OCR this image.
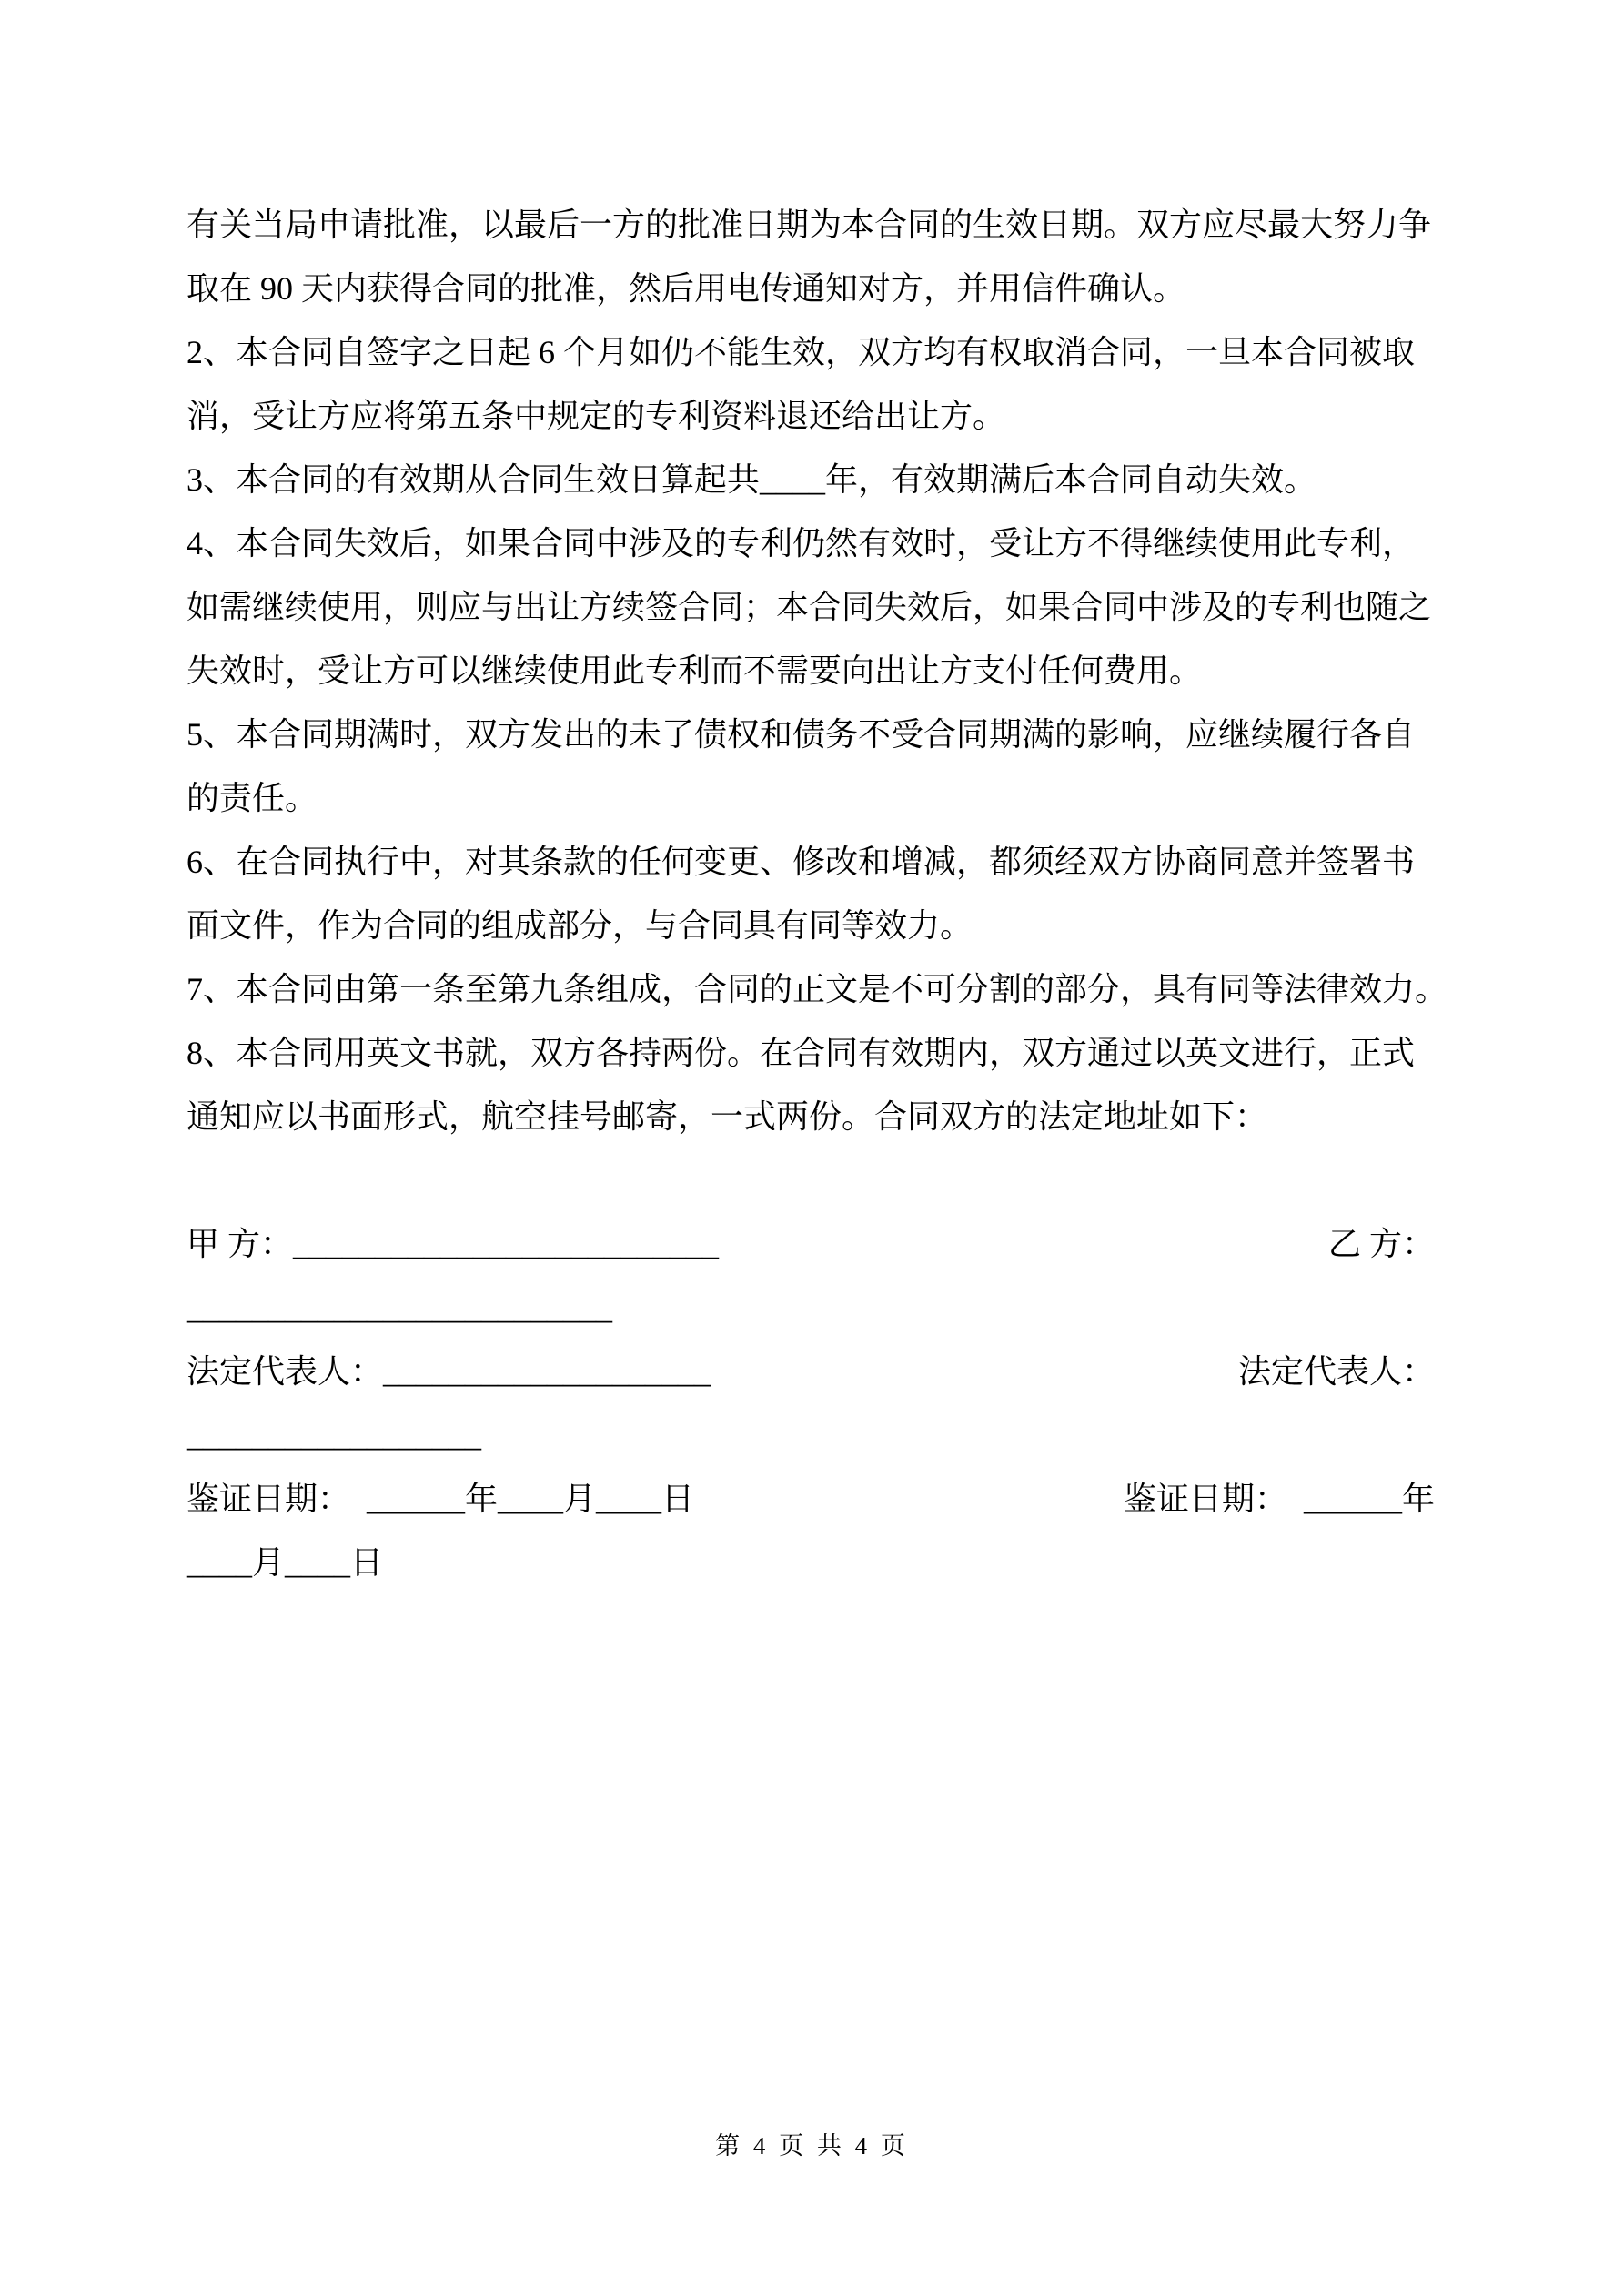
有关当局申请批准，以最后一方的批准日期为本合同的生效日期。双方应尽最大努力争
取在 90 天内获得合同的批准，然后用电传通知对方，并用信件确认。
2、本合同自签字之日起 6 个月如仍不能生效，双方均有权取消合同，一旦本合同被取
消，受让方应将第五条中规定的专利资料退还给出让方。
3、本合同的有效期从合同生效日算起共____年，有效期满后本合同自动失效。
4、本合同失效后，如果合同中涉及的专利仍然有效时，受让方不得继续使用此专利，
如需继续使用，则应与出让方续签合同；本合同失效后，如果合同中涉及的专利也随之
失效时，受让方可以继续使用此专利而不需要向出让方支付任何费用。
5、本合同期满时，双方发出的未了债权和债务不受合同期满的影响，应继续履行各自
的责任。
6、在合同执行中，对其条款的任何变更、修改和增减，都须经双方协商同意并签署书
面文件，作为合同的组成部分，与合同具有同等效力。
7、本合同由第一条至第九条组成，合同的正文是不可分割的部分，具有同等法律效力。
8、本合同用英文书就，双方各持两份。在合同有效期内，双方通过以英文进行，正式
通知应以书面形式，航空挂号邮寄，一式两份。合同双方的法定地址如下：
甲 方：__________________________	乙 方：
__________________________
法定代表人：____________________	法定代表人：
__________________
鉴证日期：  ______年____月____日	鉴证日期：  ______年
____月____日
第 4 页 共 4 页
